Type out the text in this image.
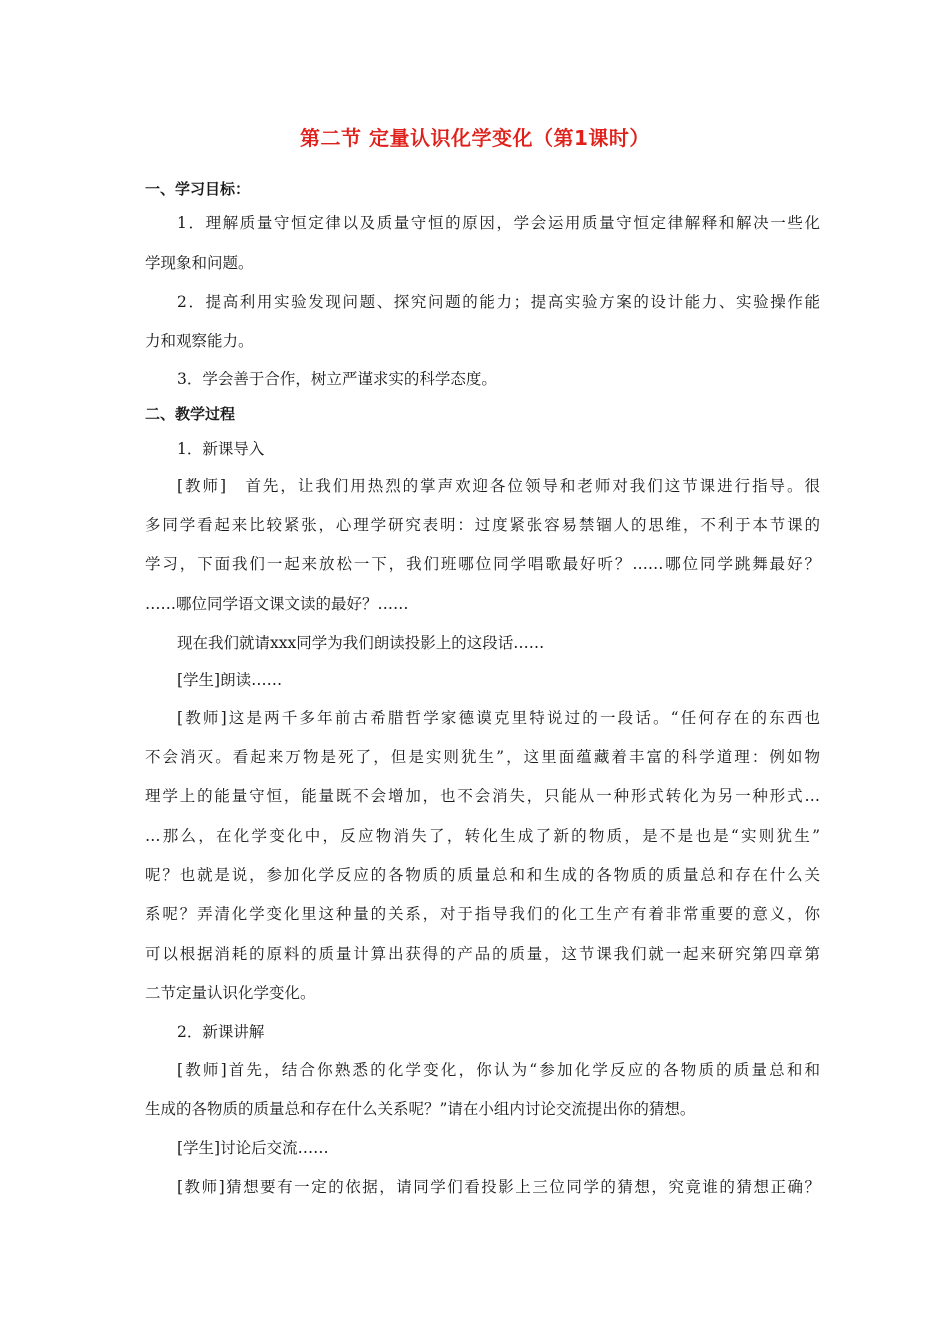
第二节 定量认识化学变化（第1课时）
一、学习目标：
1．理解质量守恒定律以及质量守恒的原因，学会运用质量守恒定律解释和解决一些化
学现象和问题。
2．提高利用实验发现问题、探究问题的能力；提高实验方案的设计能力、实验操作能
力和观察能力。
3．学会善于合作，树立严谨求实的科学态度。
二、教学过程
1．新课导入
[教师]　首先，让我们用热烈的掌声欢迎各位领导和老师对我们这节课进行指导。很
多同学看起来比较紧张，心理学研究表明：过度紧张容易禁锢人的思维，不利于本节课的
学习，下面我们一起来放松一下，我们班哪位同学唱歌最好听？……哪位同学跳舞最好？
……哪位同学语文课文读的最好？……
现在我们就请xxx同学为我们朗读投影上的这段话……
[学生]朗读……
[教师]这是两千多年前古希腊哲学家德谟克里特说过的一段话。“任何存在的东西也
不会消灭。看起来万物是死了，但是实则犹生”，这里面蕴藏着丰富的科学道理：例如物
理学上的能量守恒，能量既不会增加，也不会消失，只能从一种形式转化为另一种形式…
…那么，在化学变化中，反应物消失了，转化生成了新的物质，是不是也是“实则犹生”
呢？也就是说，参加化学反应的各物质的质量总和和生成的各物质的质量总和存在什么关
系呢？弄清化学变化里这种量的关系，对于指导我们的化工生产有着非常重要的意义，你
可以根据消耗的原料的质量计算出获得的产品的质量，这节课我们就一起来研究第四章第
二节定量认识化学变化。
2．新课讲解
[教师]首先，结合你熟悉的化学变化，你认为“参加化学反应的各物质的质量总和和
生成的各物质的质量总和存在什么关系呢？”请在小组内讨论交流提出你的猜想。
[学生]讨论后交流……
[教师]猜想要有一定的依据，请同学们看投影上三位同学的猜想，究竟谁的猜想正确？
